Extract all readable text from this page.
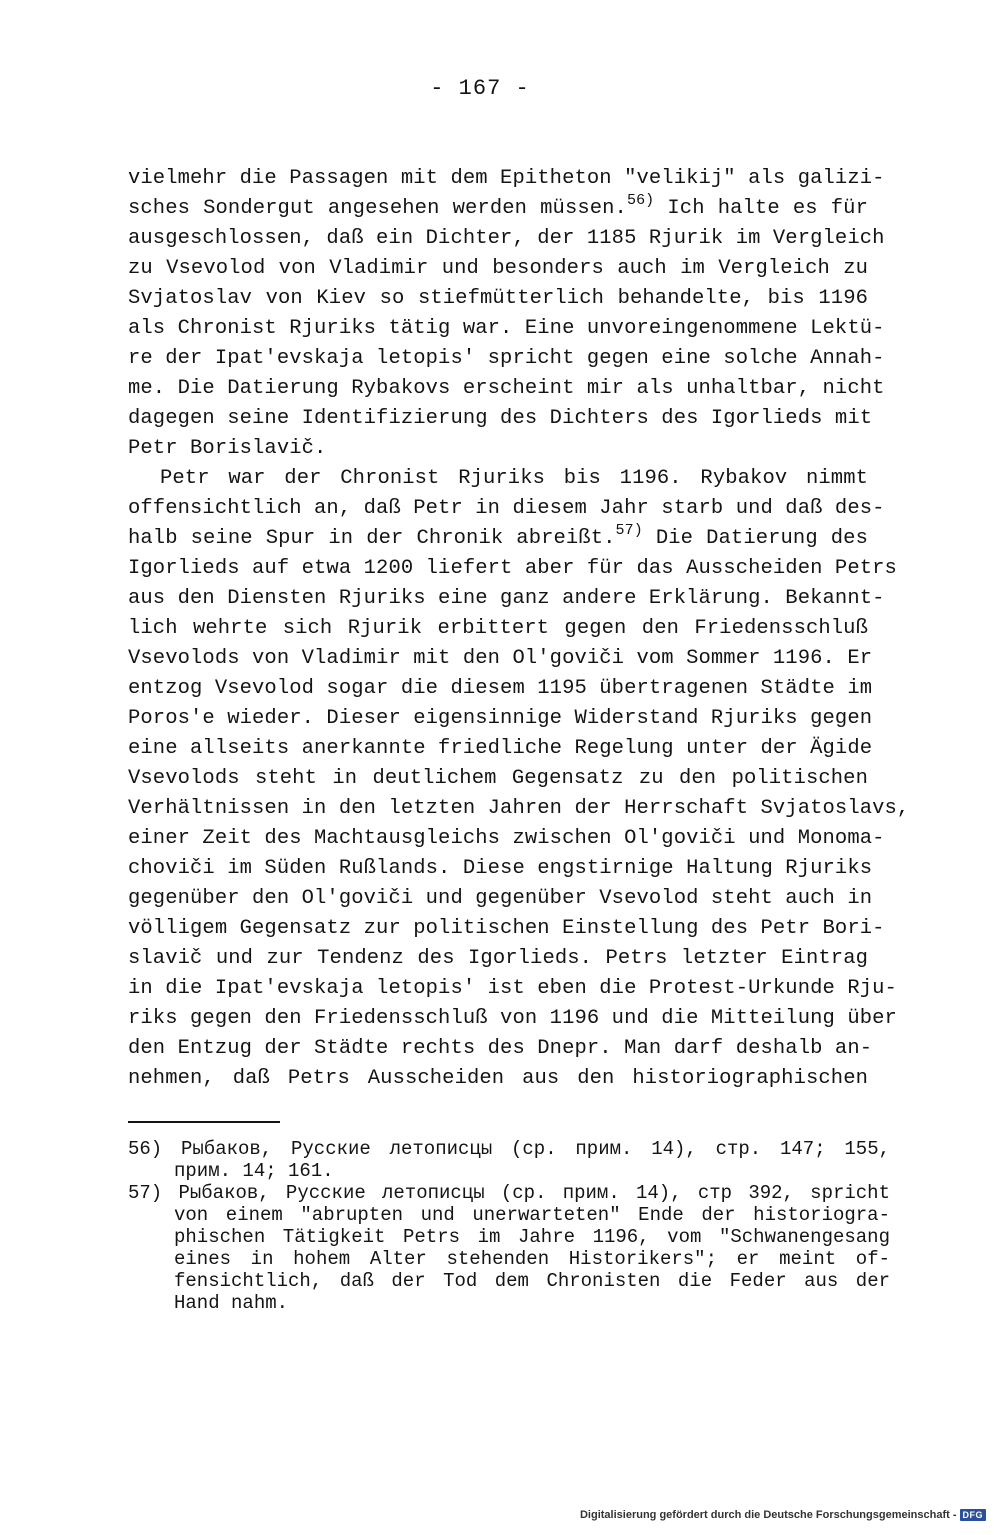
- 167 -
vielmehr die Passagen mit dem Epitheton "velikij" als galizi-
sches Sondergut angesehen werden müssen.$^{56)}$ Ich halte es für
ausgeschlossen, daß ein Dichter, der 1185 Rjurik im Vergleich
zu Vsevolod von Vladimir und besonders auch im Vergleich zu
Svjatoslav von Kiev so stiefmütterlich behandelte, bis 1196
als Chronist Rjuriks tätig war. Eine unvoreingenommene Lektü-
re der Ipat'evskaja letopis' spricht gegen eine solche Annah-
me. Die Datierung Rybakovs erscheint mir als unhaltbar, nicht
dagegen seine Identifizierung des Dichters des Igorlieds mit
Petr Borislavič.
Petr war der Chronist Rjuriks bis 1196. Rybakov nimmt
offensichtlich an, daß Petr in diesem Jahr starb und daß des-
halb seine Spur in der Chronik abreißt.$^{57)}$ Die Datierung des
Igorlieds auf etwa 1200 liefert aber für das Ausscheiden Petrs
aus den Diensten Rjuriks eine ganz andere Erklärung. Bekannt-
lich wehrte sich Rjurik erbittert gegen den Friedensschluß
Vsevolods von Vladimir mit den Ol'goviči vom Sommer 1196. Er
entzog Vsevolod sogar die diesem 1195 übertragenen Städte im
Poros'e wieder. Dieser eigensinnige Widerstand Rjuriks gegen
eine allseits anerkannte friedliche Regelung unter der Ägide
Vsevolods steht in deutlichem Gegensatz zu den politischen
Verhältnissen in den letzten Jahren der Herrschaft Svjatoslavs,
einer Zeit des Machtausgleichs zwischen Ol'goviči und Monoma-
choviči im Süden Rußlands. Diese engstirnige Haltung Rjuriks
gegenüber den Ol'goviči und gegenüber Vsevolod steht auch in
völligem Gegensatz zur politischen Einstellung des Petr Bori-
slavič und zur Tendenz des Igorlieds. Petrs letzter Eintrag
in die Ipat'evskaja letopis' ist eben die Protest-Urkunde Rju-
riks gegen den Friedensschluß von 1196 und die Mitteilung über
den Entzug der Städte rechts des Dnepr. Man darf deshalb an-
nehmen, daß Petrs Ausscheiden aus den historiographischen
56) Рыбаков, Русские летописцы (ср. прим. 14), стр. 147; 155,
прим. 14; 161.
57) Рыбаков, Русские летописцы (ср. прим. 14), стр 392, spricht
von einem "abrupten und unerwarteten" Ende der historiogra-
phischen Tätigkeit Petrs im Jahre 1196, vom "Schwanengesang
eines in hohem Alter stehenden Historikers"; er meint of-
fensichtlich, daß der Tod dem Chronisten die Feder aus der
Hand nahm.
Digitalisierung gefördert durch die Deutsche Forschungsgemeinschaft - DFG
